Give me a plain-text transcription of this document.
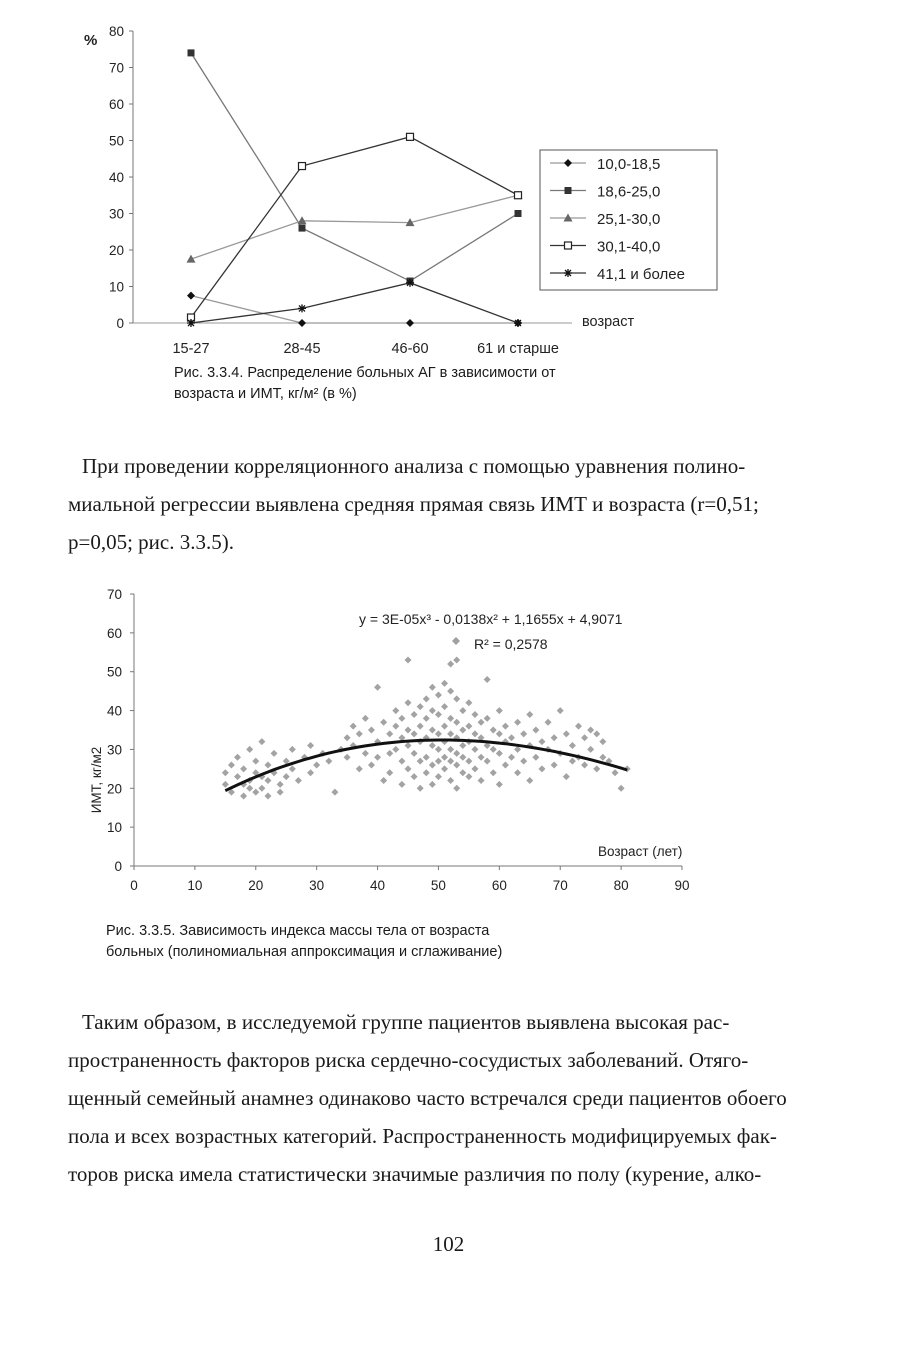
%
0
10
20
30
40
50
60
70
80
возраст
15-27	28-45	46-60	61 и старше
10,0-18,5
18,6-25,0
25,1-30,0
30,1-40,0
41,1 и более
Рис. 3.3.4. Распределение больных АГ в зависимости от
возраста и ИМТ, кг/м² (в %)
При проведении корреляционного анализа с помощью уравнения полино-
миальной регрессии выявлена средняя прямая связь ИМТ и возраста (r=0,51;
p=0,05; рис. 3.3.5).
0
10
20
30
40
50
60
70
0	10	20	30	40	50	60	70	80	90
ИМТ, кг/м2
Возраст (лет)
y = 3E-05x³ - 0,0138x² + 1,1655x + 4,9071
R² = 0,2578
Рис. 3.3.5. Зависимость индекса массы тела от возраста
больных (полиномиальная аппроксимация и сглаживание)
Таким образом, в исследуемой группе пациентов выявлена высокая рас-
пространенность факторов риска сердечно-сосудистых заболеваний. Отяго-
щенный семейный анамнез одинаково часто встречался среди пациентов обоего
пола и всех возрастных категорий. Распространенность модифицируемых фак-
торов риска имела статистически значимые различия по полу (курение, алко-
102
